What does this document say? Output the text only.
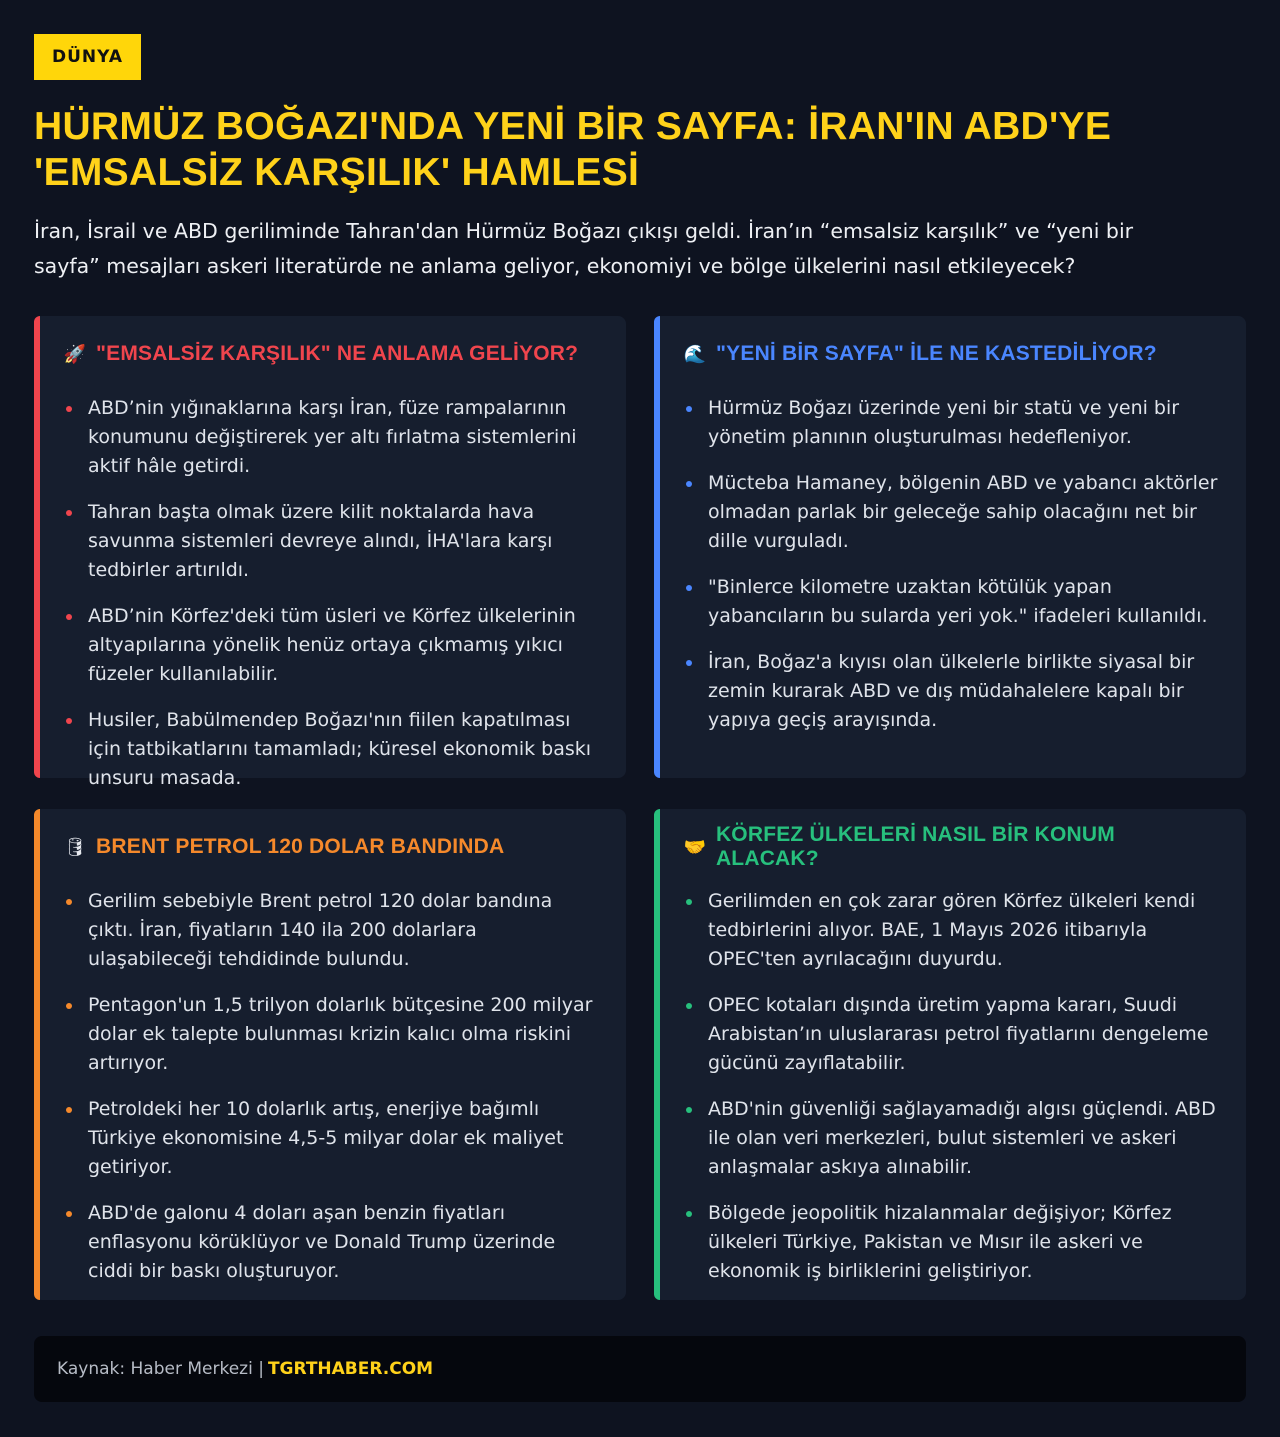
DÜNYA
HÜRMÜZ BOĞAZI'NDA YENİ BİR SAYFA: İRAN'IN ABD'YE 'EMSALSİZ KARŞILIK' HAMLESİ

İran, İsrail ve ABD geriliminde Tahran'dan Hürmüz Boğazı çıkışı geldi. İran’ın “emsalsiz karşılık” ve “yeni bir sayfa” mesajları askeri literatürde ne anlama geliyor, ekonomiyi ve bölge ülkelerini nasıl etkileyecek?

🚀 "EMSALSİZ KARŞILIK" NE ANLAMA GELİYOR?
ABD’nin yığınaklarına karşı İran, füze rampalarının konumunu değiştirerek yer altı fırlatma sistemlerini aktif hâle getirdi.
Tahran başta olmak üzere kilit noktalarda hava savunma sistemleri devreye alındı, İHA'lara karşı tedbirler artırıldı.
ABD’nin Körfez'deki tüm üsleri ve Körfez ülkelerinin altyapılarına yönelik henüz ortaya çıkmamış yıkıcı füzeler kullanılabilir.
Husiler, Babülmendep Boğazı'nın fiilen kapatılması için tatbikatlarını tamamladı; küresel ekonomik baskı unsuru masada.
🌊 "YENİ BİR SAYFA" İLE NE KASTEDİLİYOR?
Hürmüz Boğazı üzerinde yeni bir statü ve yeni bir yönetim planının oluşturulması hedefleniyor.
Mücteba Hamaney, bölgenin ABD ve yabancı aktörler olmadan parlak bir geleceğe sahip olacağını net bir dille vurguladı.
"Binlerce kilometre uzaktan kötülük yapan yabancıların bu sularda yeri yok." ifadeleri kullanıldı.
İran, Boğaz'a kıyısı olan ülkelerle birlikte siyasal bir zemin kurarak ABD ve dış müdahalelere kapalı bir yapıya geçiş arayışında.
🛢 BRENT PETROL 120 DOLAR BANDINDA
Gerilim sebebiyle Brent petrol 120 dolar bandına çıktı. İran, fiyatların 140 ila 200 dolarlara ulaşabileceği tehdidinde bulundu.
Pentagon'un 1,5 trilyon dolarlık bütçesine 200 milyar dolar ek talepte bulunması krizin kalıcı olma riskini artırıyor.
Petroldeki her 10 dolarlık artış, enerjiye bağımlı Türkiye ekonomisine 4,5-5 milyar dolar ek maliyet getiriyor.
ABD'de galonu 4 doları aşan benzin fiyatları enflasyonu körüklüyor ve Donald Trump üzerinde ciddi bir baskı oluşturuyor.
🤝
KÖRFEZ ÜLKELERİ NASIL BİR KONUM ALACAK?
Gerilimden en çok zarar gören Körfez ülkeleri kendi tedbirlerini alıyor. BAE, 1 Mayıs 2026 itibarıyla OPEC'ten ayrılacağını duyurdu.
OPEC kotaları dışında üretim yapma kararı, Suudi Arabistan’ın uluslararası petrol fiyatlarını dengeleme gücünü zayıflatabilir.
ABD'nin güvenliği sağlayamadığı algısı güçlendi. ABD ile olan veri merkezleri, bulut sistemleri ve askeri anlaşmalar askıya alınabilir.
Bölgede jeopolitik hizalanmalar değişiyor; Körfez ülkeleri Türkiye, Pakistan ve Mısır ile askeri ve ekonomik iş birliklerini geliştiriyor.
Kaynak: Haber Merkezi | TGRTHABER.COM
